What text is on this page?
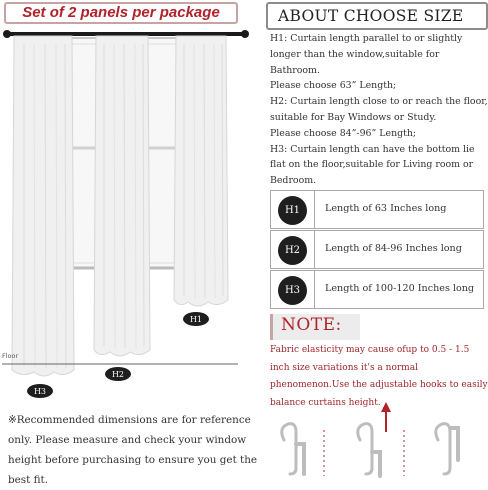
Set of 2 panels per package
Floor
H1
H2
H3
※Recommended dimensions are for reference only. Please measure and check your window height before purchasing to ensure you get the best fit.
ABOUT CHOOSE SIZE

H1: Curtain length parallel to or slightly longer than the window,suitable for Bathroom.

Please choose 63” Length;

H2: Curtain length close to or reach the floor, suitable for Bay Windows or Study.

Please choose 84”-96” Length;

H3: Curtain length can have the bottom lie flat on the floor,suitable for Living room or Bedroom.

H1	Length of 63 Inches long
H2	Length of 84-96 Inches long
H3	Length of 100-120 Inches long
NOTE:
Fabric elasticity may cause ofup to 0.5 - 1.5 inch size variations it's a normal phenomenon.Use the adjustable hooks to easily balance curtains height.
